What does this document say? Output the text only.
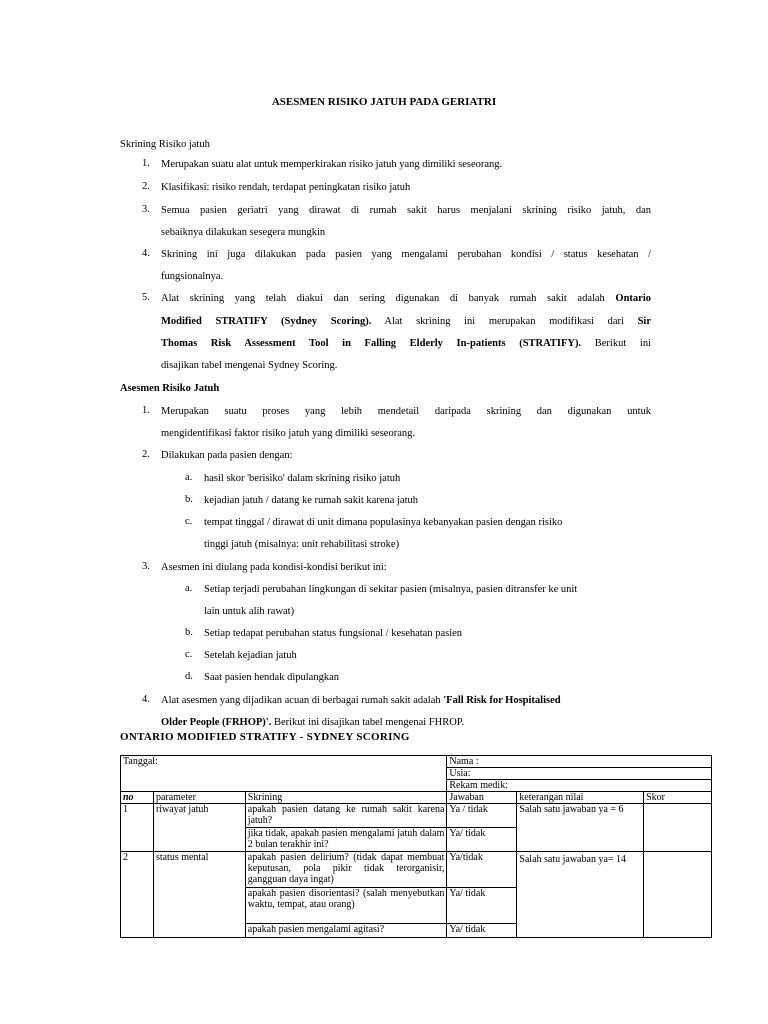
ASESMEN RISIKO JATUH PADA GERIATRI
Skrining Risiko jatuh
1. Merupakan suatu alat untuk memperkirakan risiko jatuh yang dimiliki seseorang.
2. Klasifikasi: risiko rendah, terdapat peningkatan risiko jatuh
3. Semua pasien geriatri yang dirawat di rumah sakit harus menjalani skrining risiko jatuh, dan
sebaiknya dilakukan sesegera mungkin
4. Skrining ini juga dilakukan pada pasien yang mengalami perubahan kondisi / status kesehatan /
fungsionalnya.
5. Alat skrining yang telah diakui dan sering digunakan di banyak rumah sakit adalah Ontario
Modified STRATIFY (Sydney Scoring). Alat skrining ini merupakan modifikasi dari Sir
Thomas Risk Assessment Tool in Falling Elderly In-patients (STRATIFY). Berikut ini
disajikan tabel mengenai Sydney Scoring.
Asesmen Risiko Jatuh
1. Merupakan suatu proses yang lebih mendetail daripada skrining dan digunakan untuk
mengidentifikasi faktor risiko jatuh yang dimiliki seseorang.
2. Dilakukan pada pasien dengan:
a. hasil skor 'berisiko' dalam skrining risiko jatuh
b. kejadian jatuh / datang ke rumah sakit karena jatuh
c. tempat tinggal / dirawat di unit dimana populasinya kebanyakan pasien dengan risiko
tinggi jatuh (misalnya: unit rehabilitasi stroke)
3. Asesmen ini diulang pada kondisi-kondisi berikut ini:
a. Setiap terjadi perubahan lingkungan di sekitar pasien (misalnya, pasien ditransfer ke unit
lain untuk alih rawat)
b. Setiap tedapat perubahan status fungsional / kesehatan pasien
c. Setelah kejadian jatuh
d. Saat pasien hendak dipulangkan
4. Alat asesmen yang dijadikan acuan di berbagai rumah sakit adalah 'Fall Risk for Hospitalised
Older People (FRHOP)'. Berikut ini disajikan tabel mengenai FHROP.
ONTARIO MODIFIED STRATIFY - SYDNEY SCORING
Tanggal:			Nama :		
			Usia:		
			Rekam medik:		
no	parameter	Skrining	Jawaban	keterangan nilai	Skor
1	riwayat jatuh	apakah pasien datang ke rumah sakit karena jatuh?	Ya / tidak	Salah satu jawaban ya = 6	
		jika tidak, apakah pasien mengalami jatuh dalam 2 bulan terakhir ini?	Ya/ tidak		
2	status mental	apakah pasien delirium? (tidak dapat membuat keputusan, pola pikir tidak terorganisir, gangguan daya ingat)	Ya/tidak	Salah satu jawaban ya= 14	
		apakah pasien disorientasi? (salah menyebutkan waktu, tempat, atau orang)	Ya/ tidak		
		apakah pasien mengalami agitasi?	Ya/ tidak		
